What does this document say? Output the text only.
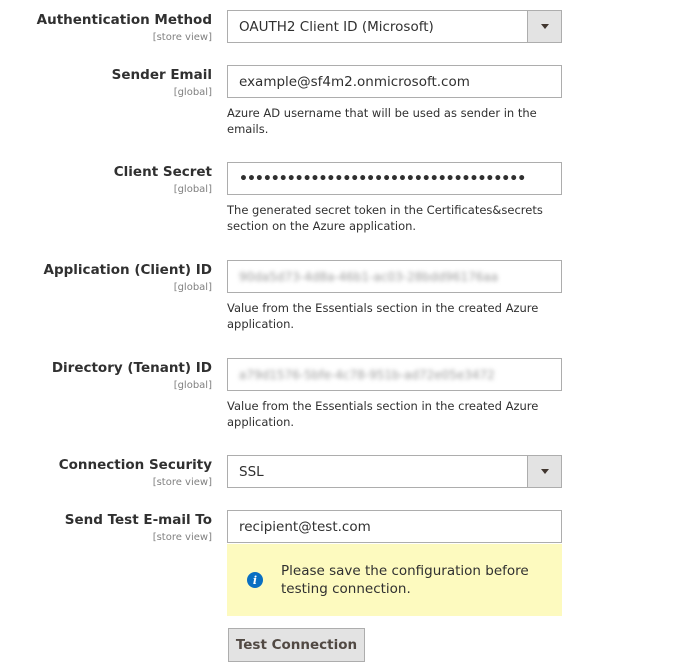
Authentication Method
[store view]
OAUTH2 Client ID (Microsoft)
Sender Email
[global]
example@sf4m2.onmicrosoft.com
Azure AD username that will be used as sender in the emails.
Client Secret
[global]
••••••••••••••••••••••••••••••••••••
The generated secret token in the Certificates&secrets section on the Azure application.
Application (Client) ID
[global]
90da5d73-4d8a-46b1-ac03-28bdd96176aa
Value from the Essentials section in the created Azure application.
Directory (Tenant) ID
[global]
a79d1576-5bfe-4c78-951b-ad72e05e3472
Value from the Essentials section in the created Azure application.
Connection Security
[store view]
SSL
Send Test E-mail To
[store view]
recipient@test.com
i
Please save the configuration before testing connection.
Test Connection
